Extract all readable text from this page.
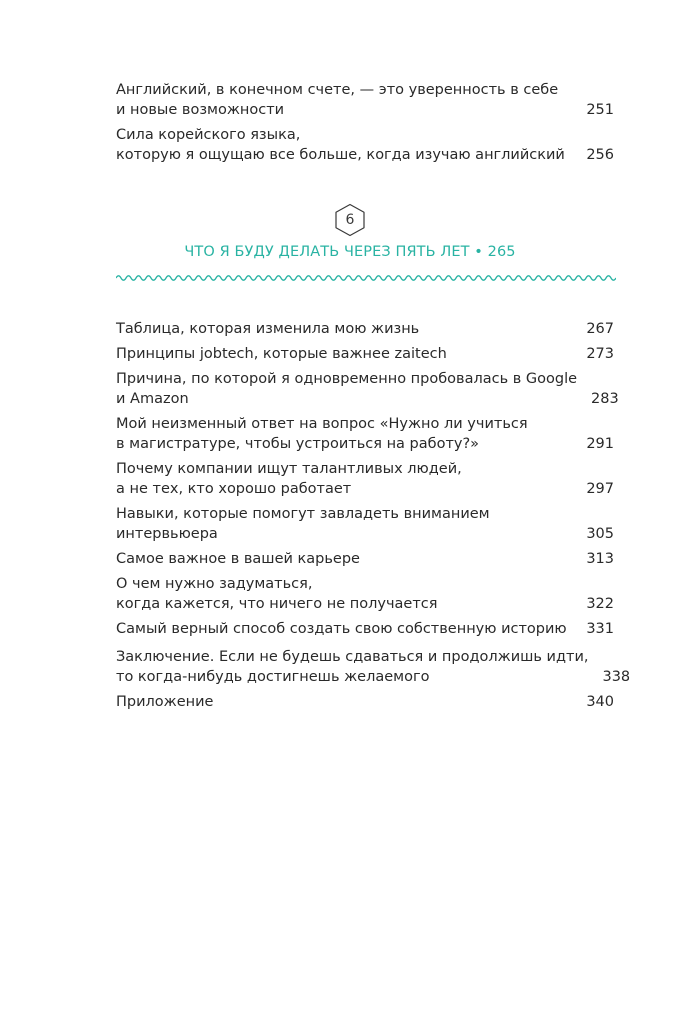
Английский, в конечном счете, — это уверенность в себе
и новые возможности	251
Сила корейского языка,
которую я ощущаю все больше, когда изучаю английский	256
6
ЧТО Я БУДУ ДЕЛАТЬ ЧЕРЕЗ ПЯТЬ ЛЕТ • 265
Таблица, которая изменила мою жизнь	267
Принципы jobtech, которые важнее zaitech	273
Причина, по которой я одновременно пробовалась в Google
и Amazon	283
Мой неизменный ответ на вопрос «Нужно ли учиться
в магистратуре, чтобы устроиться на работу?»	291
Почему компании ищут талантливых людей,
а не тех, кто хорошо работает	297
Навыки, которые помогут завладеть вниманием
интервьюера	305
Самое важное в вашей карьере	313
О чем нужно задуматься,
когда кажется, что ничего не получается	322
Самый верный способ создать свою собственную историю	331
Заключение. Если не будешь сдаваться и продолжишь идти,
то когда-нибудь достигнешь желаемого	338
Приложение	340
